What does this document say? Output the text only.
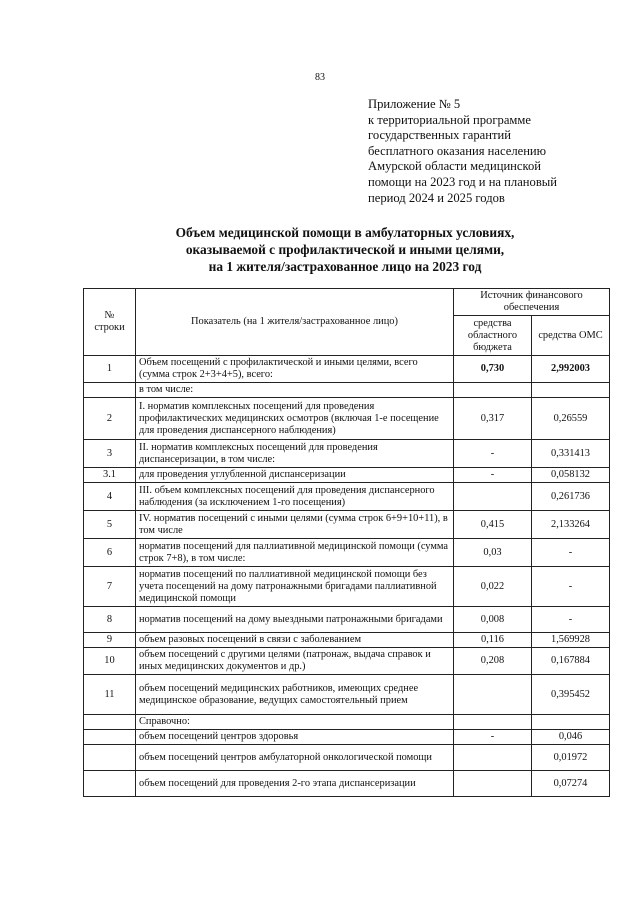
83
Приложение № 5
к территориальной программе
государственных гарантий
бесплатного оказания населению
Амурской области медицинской
помощи на 2023 год и на плановый
период 2024 и 2025 годов
Объем медицинской помощи в амбулаторных условиях,
оказываемой с профилактической и иными целями,
на 1 жителя/застрахованное лицо на 2023 год
№
строки	Показатель (на 1 жителя/застрахованное лицо)	Источник финансового обеспечения	
		средства областного бюджета	средства ОМС
1	Объем посещений с профилактической и иными целями, всего (сумма строк 2+3+4+5), всего:	0,730	2,992003
	в том числе:		
2	I. норматив комплексных посещений для проведения профилактических медицинских осмотров (включая 1-е посещение для проведения диспансерного наблюдения)	0,317	0,26559
3	II. норматив комплексных посещений для проведения диспансеризации, в том числе:	-	0,331413
3.1	для проведения углубленной диспансеризации	-	0,058132
4	III. объем комплексных посещений для проведения диспансерного наблюдения (за исключением 1-го посещения)		0,261736
5	IV. норматив посещений с иными целями (сумма строк 6+9+10+11), в том числе	0,415	2,133264
6	норматив посещений для паллиативной медицинской помощи (сумма строк 7+8), в том числе:	0,03	-
7	норматив посещений по паллиативной медицинской помощи без учета посещений на дому патронажными бригадами паллиативной медицинской помощи	0,022	-
8	норматив посещений на дому выездными патронажными бригадами	0,008	-
9	объем разовых посещений в связи с заболеванием	0,116	1,569928
10	объем посещений с другими целями (патронаж, выдача справок и иных медицинских документов и др.)	0,208	0,167884
11	объем посещений медицинских работников, имеющих среднее медицинское образование, ведущих самостоятельный прием		0,395452
	Справочно:		
	объем посещений центров здоровья	-	0,046
	объем посещений центров амбулаторной онкологической помощи		0,01972
	объем посещений для проведения 2-го этапа диспансеризации		0,07274
